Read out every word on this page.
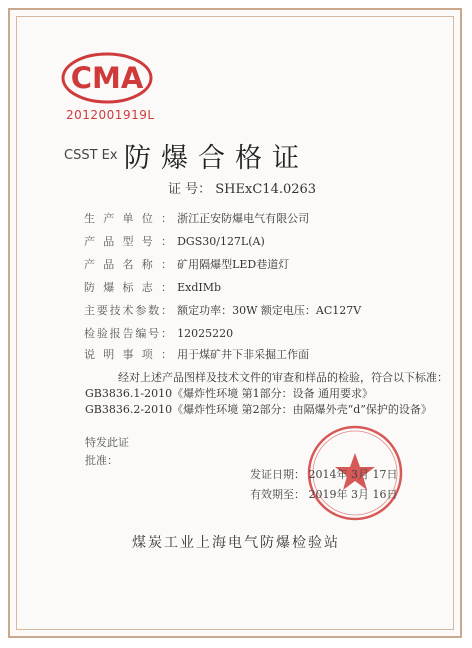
CMA
2012001919L
CSST Ex 防爆合格证
证 号： SHExC14.0263
生产单位： 浙江正安防爆电气有限公司
产品型号： DGS30/127L(A)
产品名称： 矿用隔爆型LED巷道灯
防爆标志： ExdIMb
主要技术参数： 额定功率：30W 额定电压：AC127V
检验报告编号： 12025220
说明事项： 用于煤矿井下非采掘工作面
经对上述产品图样及技术文件的审查和样品的检验，符合以下标准：
GB3836.1-2010《爆炸性环境 第1部分：设备 通用要求》
GB3836.2-2010《爆炸性环境 第2部分：由隔爆外壳“d”保护的设备》
特发此证
批准：
发证日期： 2014年 3月 17日
有效期至： 2019年 3月 16日
煤炭工业上海电气防爆检验站
